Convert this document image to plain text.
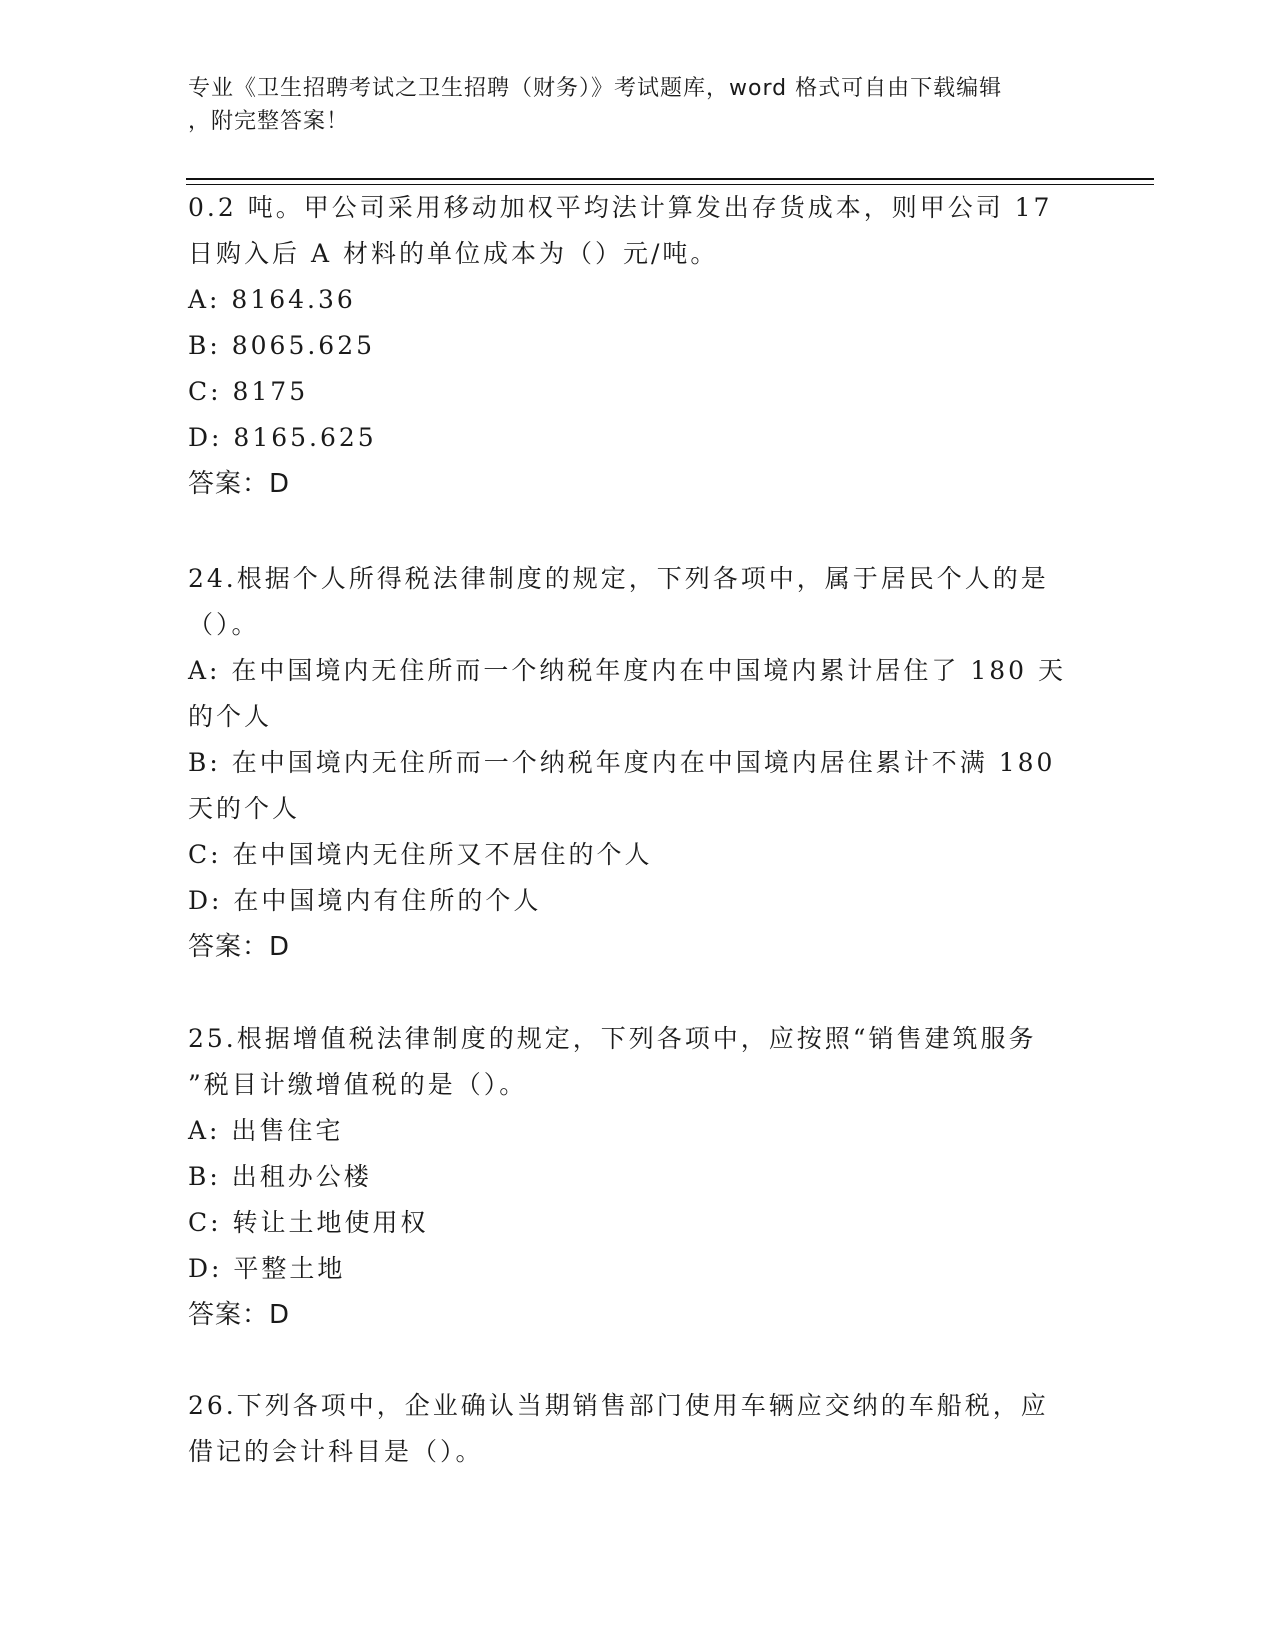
专业《卫生招聘考试之卫生招聘（财务）》考试题库，word 格式可自由下载编辑
，附完整答案！
0.2 吨。甲公司采用移动加权平均法计算发出存货成本，则甲公司 17
日购入后 A 材料的单位成本为（）元/吨。
A: 8164.36
B: 8065.625
C: 8175
D: 8165.625
答案：D
24.根据个人所得税法律制度的规定，下列各项中，属于居民个人的是
（）。
A: 在中国境内无住所而一个纳税年度内在中国境内累计居住了 180 天
的个人
B: 在中国境内无住所而一个纳税年度内在中国境内居住累计不满 180
天的个人
C: 在中国境内无住所又不居住的个人
D: 在中国境内有住所的个人
答案：D
25.根据增值税法律制度的规定，下列各项中，应按照“销售建筑服务
”税目计缴增值税的是（）。
A: 出售住宅
B: 出租办公楼
C: 转让土地使用权
D: 平整土地
答案：D
26.下列各项中，企业确认当期销售部门使用车辆应交纳的车船税，应
借记的会计科目是（）。
